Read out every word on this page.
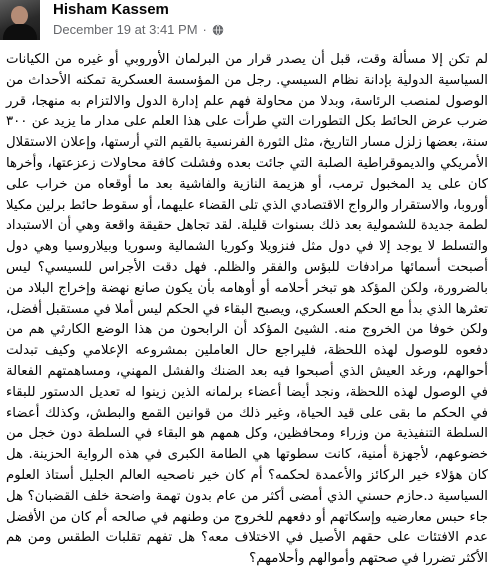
Hisham Kassem
December 19 at 3:41 PM ·
لم تكن إلا مسألة وقت، قبل أن يصدر قرار من البرلمان الأوروبي أو غيره من الكيانات السياسية الدولية بإدانة نظام السيسي. رجل من المؤسسة العسكرية تمكنه الأحداث من الوصول لمنصب الرئاسة، وبدلا من محاولة فهم علم إدارة الدول والالتزام به منهجا، قرر ضرب عرض الحائط بكل التطورات التي طرأت على هذا العلم على مدار ما يزيد عن ٣٠٠ سنة، بعضها زلزل مسار التاريخ، مثل الثورة الفرنسية بالقيم التي أرستها، وإعلان الاستقلال الأمريكي والديموقراطية الصلبة التي جائت بعده وفشلت كافة محاولات زعزعتها، وأخرها كان على يد المخبول ترمب، أو هزيمة النازية والفاشية بعد ما أوقعاه من خراب على أوروبا، والاستقرار والرواج الاقتصادي الذي تلى القضاء عليهما، أو سقوط حائط برلين مكيلا لطمة جديدة للشمولية بعد ذلك بسنوات قليلة. لقد تجاهل حقيقة واقعة وهي أن الاستبداد والتسلط لا يوجد إلا في دول مثل فنزويلا وكوريا الشمالية وسوريا وبيلاروسيا وهي دول أصبحت أسمائها مرادفات للبؤس والفقر والظلم. فهل دقت الأجراس للسيسي؟ ليس بالضرورة، ولكن المؤكد هو تبخر أحلامه أو أوهامه بأن يكون صانع نهضة وإخراج البلاد من تعثرها الذي بدأ مع الحكم العسكري، ويصبح البقاء في الحكم ليس أملا في مستقبل أفضل، ولكن خوفا من الخروج منه. الشيئ المؤكد أن الرابحون من هذا الوضع الكارثي هم من دفعوه للوصول لهذه اللحظة، فليراجع حال العاملين بمشروعه الإعلامي وكيف تبدلت أحوالهم، ورغد العيش الذي أصبحوا فيه بعد الضنك والفشل المهني، ومساهمتهم الفعالة في الوصول لهذه اللحظة، ونجد أيضا أعضاء برلمانه الذين زينوا له تعديل الدستور للبقاء في الحكم ما بقى على قيد الحياة، وغير ذلك من قوانين القمع والبطش، وكذلك أعضاء السلطة التنفيذية من وزراء ومحافظين، وكل همهم هو البقاء في السلطة دون خجل من خضوعهم، لأجهزة أمنية، كانت سطوتها هي الطامة الكبرى في هذه الرواية الحزينة. هل كان هؤلاء خير الركائز والأعمدة لحكمه؟ أم كان خير ناصحيه العالم الجليل أستاذ العلوم السياسية د.حازم حسني الذي أمضى أكثر من عام بدون تهمة واضحة خلف القضبان؟ هل جاء حبس معارضيه وإسكاتهم أو دفعهم للخروج من وطنهم في صالحه أم كان من الأفضل عدم الافتئات على حقهم الأصيل في الاختلاف معه؟ هل تفهم تقلبات الطقس ومن هم الأكثر تضررا في صحتهم وأموالهم وأحلامهم؟
